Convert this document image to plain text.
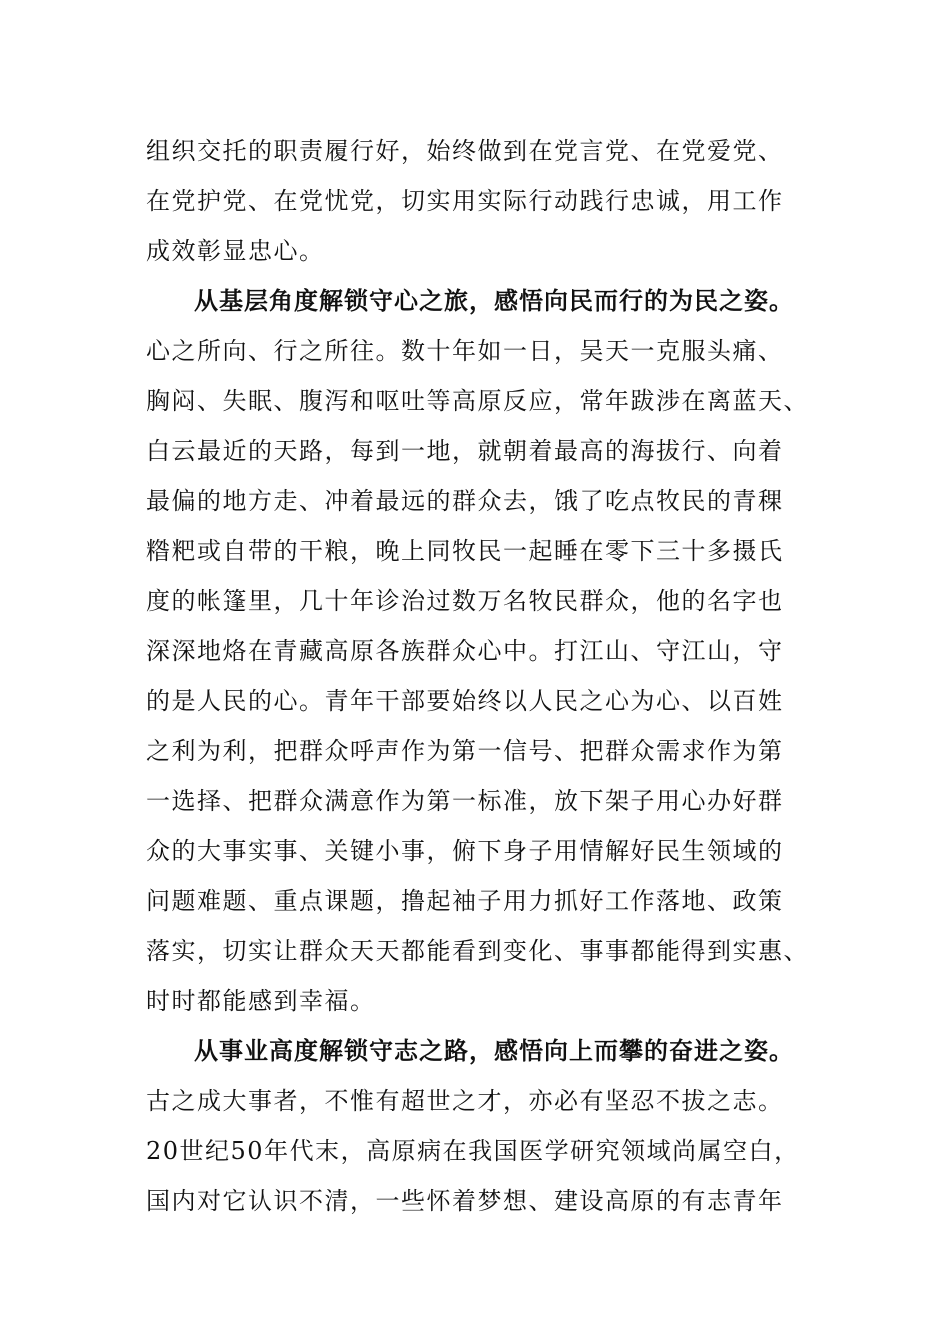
组织交托的职责履行好，始终做到在党言党、在党爱党、
在党护党、在党忧党，切实用实际行动践行忠诚，用工作
成效彰显忠心。
从基层角度解锁守心之旅，感悟向民而行的为民之姿。
心之所向、行之所往。数十年如一日，吴天一克服头痛、
胸闷、失眠、腹泻和呕吐等高原反应，常年跋涉在离蓝天、
白云最近的天路，每到一地，就朝着最高的海拔行、向着
最偏的地方走、冲着最远的群众去，饿了吃点牧民的青稞
糌粑或自带的干粮，晚上同牧民一起睡在零下三十多摄氏
度的帐篷里，几十年诊治过数万名牧民群众，他的名字也
深深地烙在青藏高原各族群众心中。打江山、守江山，守
的是人民的心。青年干部要始终以人民之心为心、以百姓
之利为利，把群众呼声作为第一信号、把群众需求作为第
一选择、把群众满意作为第一标准，放下架子用心办好群
众的大事实事、关键小事，俯下身子用情解好民生领域的
问题难题、重点课题，撸起袖子用力抓好工作落地、政策
落实，切实让群众天天都能看到变化、事事都能得到实惠、
时时都能感到幸福。
从事业高度解锁守志之路，感悟向上而攀的奋进之姿。
古之成大事者，不惟有超世之才，亦必有坚忍不拔之志。
20世纪50年代末，高原病在我国医学研究领域尚属空白，
国内对它认识不清，一些怀着梦想、建设高原的有志青年
